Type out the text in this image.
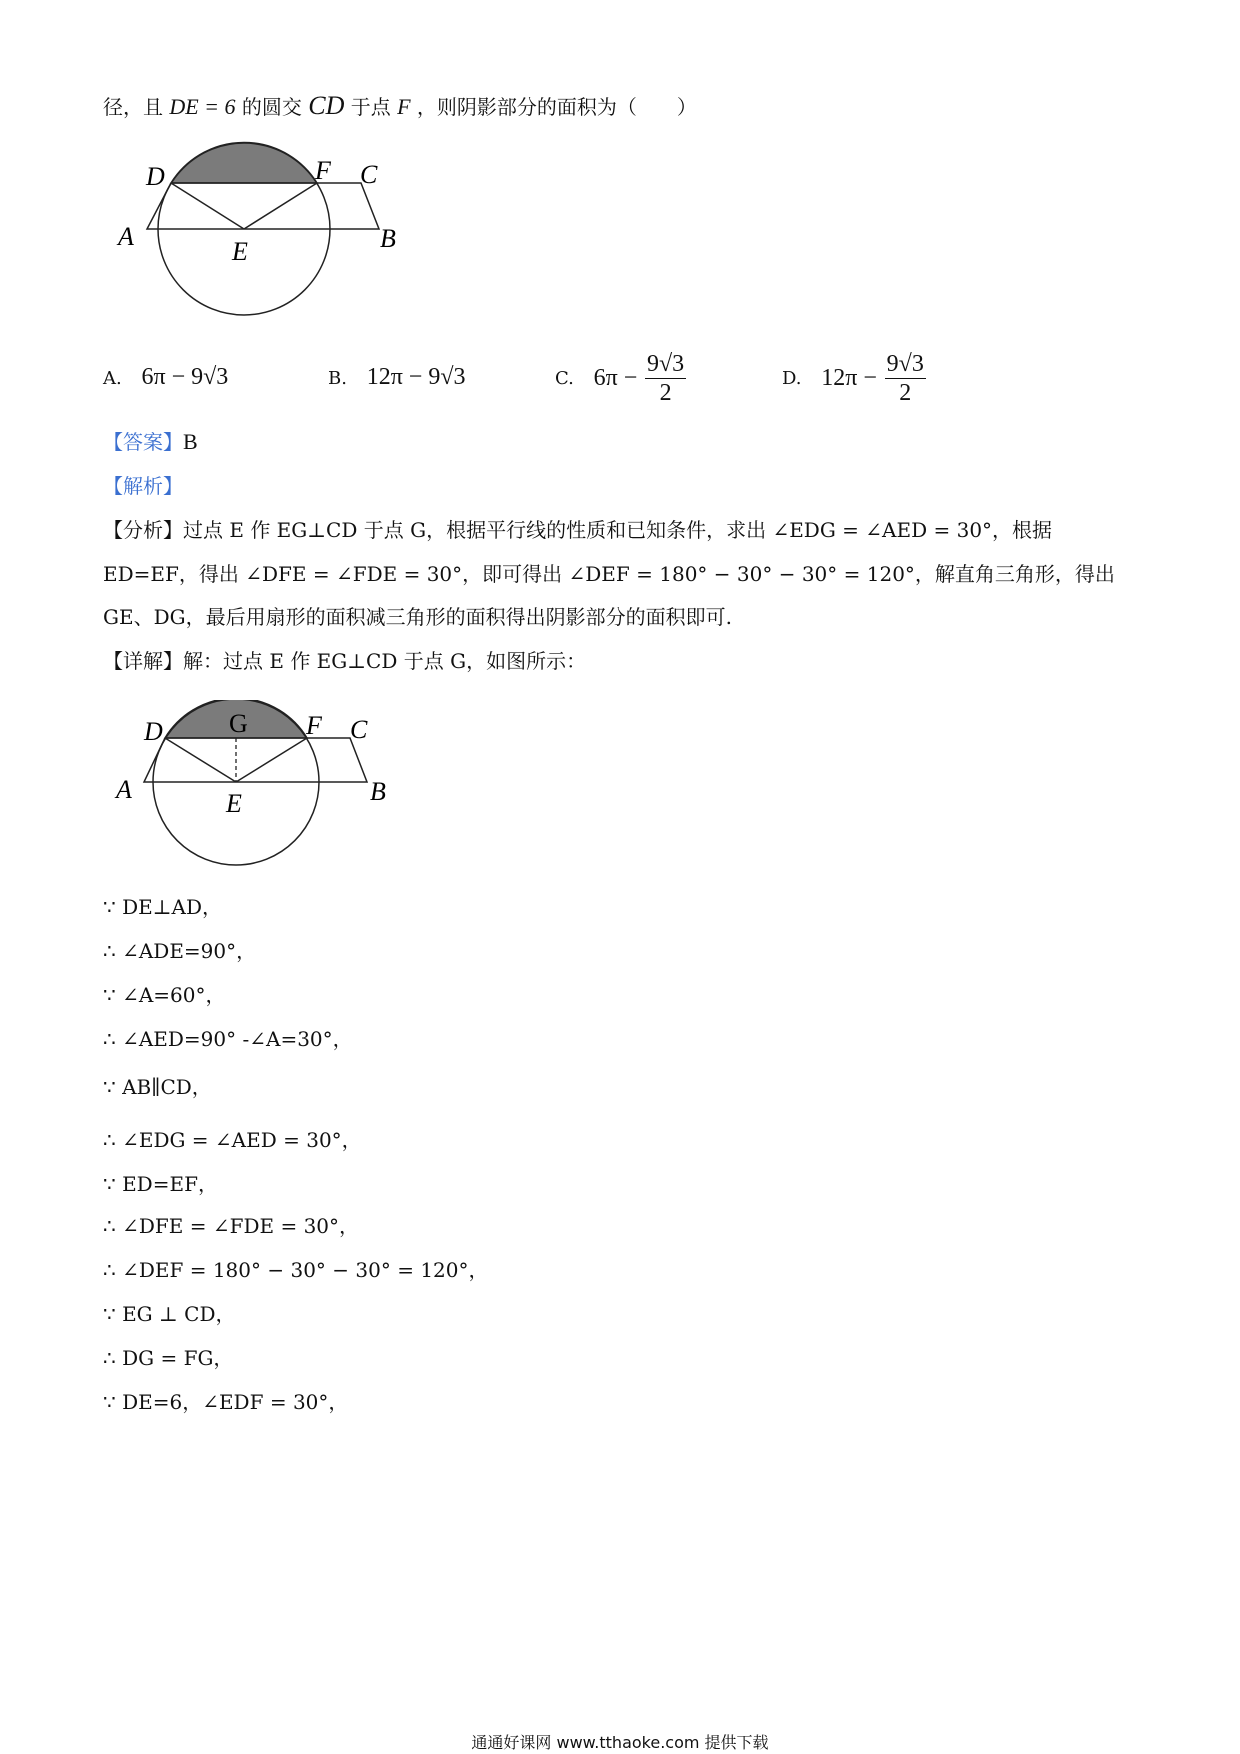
径，且 DE = 6 的圆交 CD 于点 F ，则阴影部分的面积为（　　）
D	F C
A
E	B
A. 6π − 9√3	B. 12π − 9√3	C. $6\pi - \frac{9√3}{2}$	D. $12\pi - \frac{9√3}{2}$
【答案】B
【解析】
【分析】过点 E 作 EG⊥CD 于点 G，根据平行线的性质和已知条件，求出 ∠EDG = ∠AED = 30°，根据
ED=EF，得出 ∠DFE = ∠FDE = 30°，即可得出 ∠DEF = 180° − 30° − 30° = 120°，解直角三角形，得出
GE、DG，最后用扇形的面积减三角形的面积得出阴影部分的面积即可.
【详解】解：过点 E 作 EG⊥CD 于点 G，如图所示：
D	G F C
A	E	B
∵ DE⊥AD，
∴ ∠ADE=90°，
∵ ∠A=60°，
∴ ∠AED=90° -∠A=30°，
∵ AB∥CD，
∴ ∠EDG = ∠AED = 30°，
∵ ED=EF，
∴ ∠DFE = ∠FDE = 30°，
∴ ∠DEF = 180° − 30° − 30° = 120°，
∵ EG ⊥ CD，
∴ DG = FG，
∵ DE=6，∠EDF = 30°，
通通好课网 www.tthaoke.com 提供下载
